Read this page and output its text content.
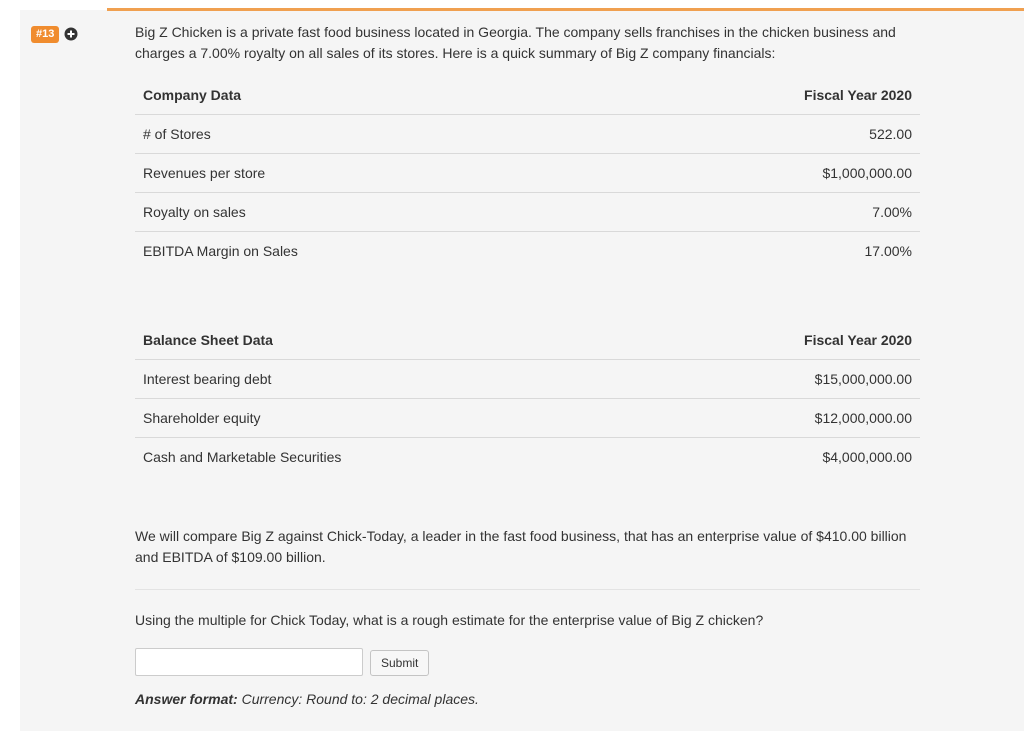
#13	Big Z Chicken is a private fast food business located in Georgia. The company sells franchises in the chicken business and charges a 7.00% royalty on all sales of its stores. Here is a quick summary of Big Z company financials:

Company Data	Fiscal Year 2020
# of Stores	522.00
Revenues per store	$1,000,000.00
Royalty on sales	7.00%
EBITDA Margin on Sales	17.00%
Balance Sheet Data	Fiscal Year 2020
Interest bearing debt	$15,000,000.00
Shareholder equity	$12,000,000.00
Cash and Marketable Securities	$4,000,000.00

We will compare Big Z against Chick-Today, a leader in the fast food business, that has an enterprise value of $410.00 billion and EBITDA of $109.00 billion.

Using the multiple for Chick Today, what is a rough estimate for the enterprise value of Big Z chicken?

Submit

Answer format: Currency: Round to: 2 decimal places.
